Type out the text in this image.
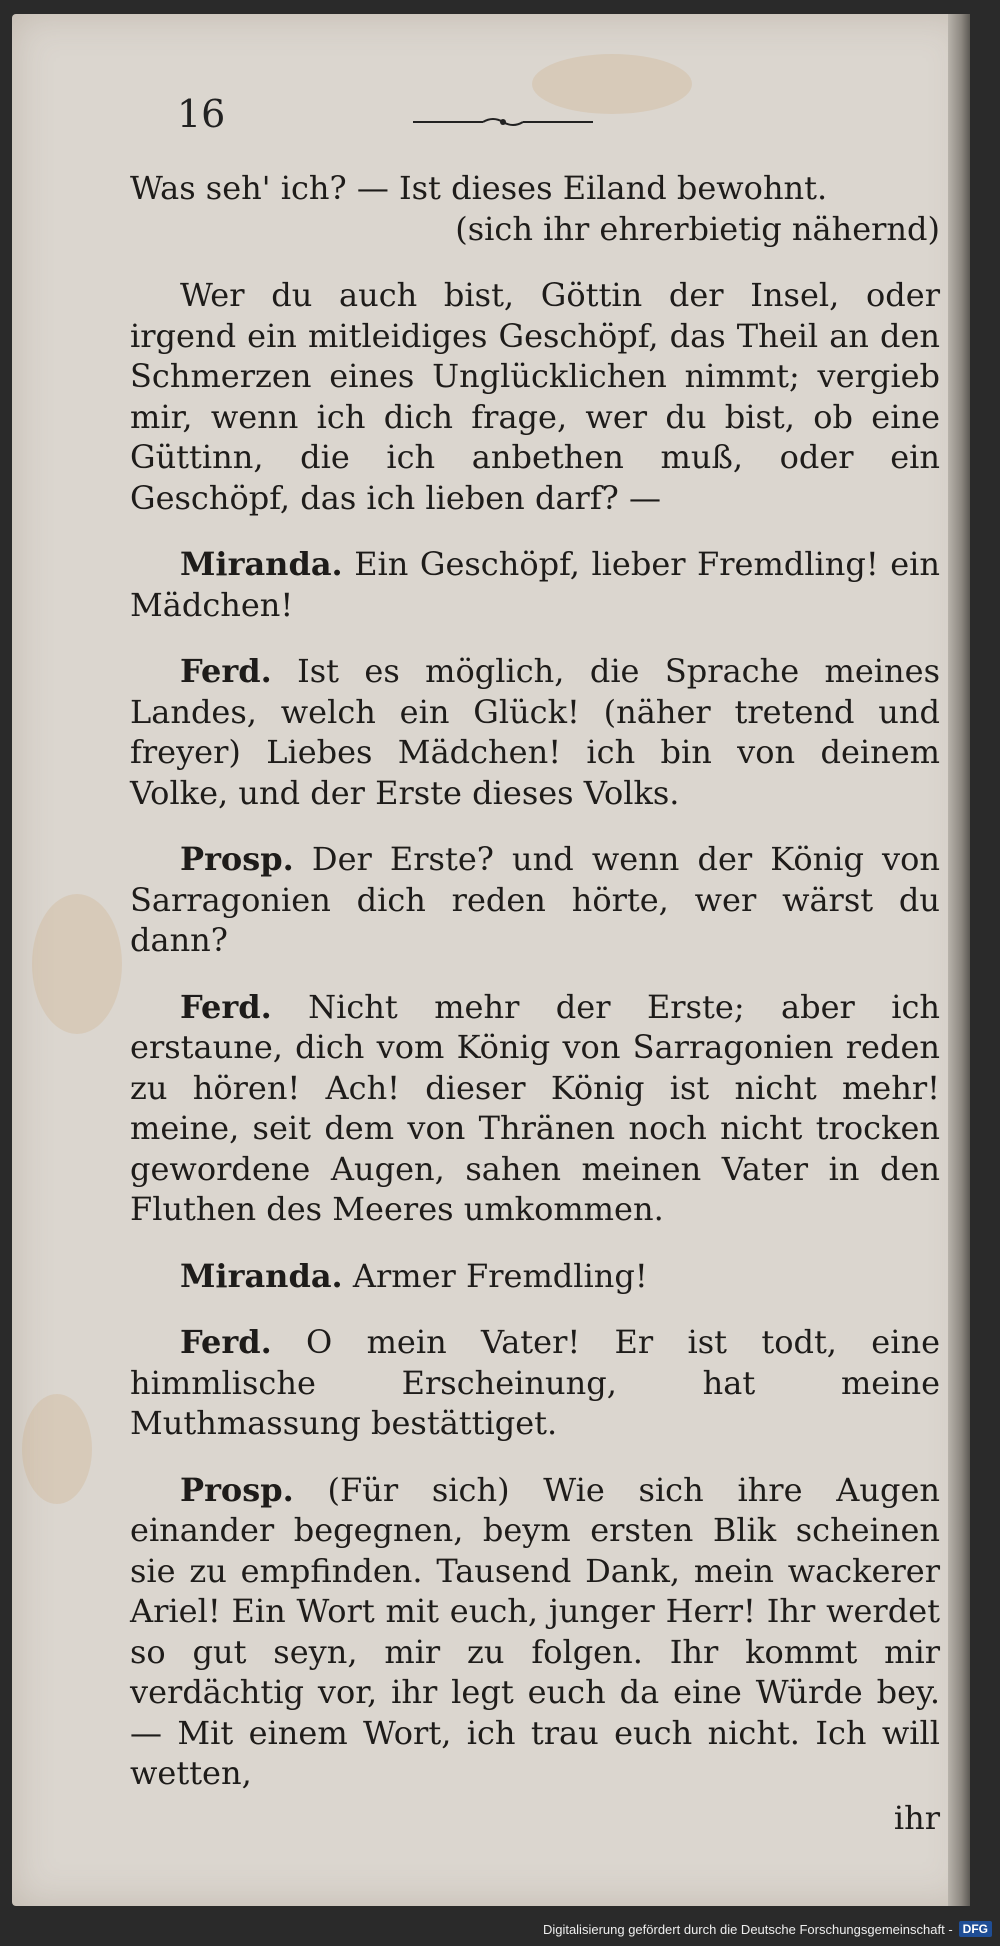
16

Was seh' ich? — Ist dieses Eiland bewohnt.

(sich ihr ehrerbietig nähernd)

Wer du auch bist, Göttin der Insel, oder irgend ein mitleidiges Geschöpf, das Theil an den Schmerzen eines Unglücklichen nimmt; vergieb mir, wenn ich dich frage, wer du bist, ob eine Güttinn, die ich anbethen muß, oder ein Geschöpf, das ich lieben darf? —

Miranda. Ein Geschöpf, lieber Fremdling! ein Mädchen!

Ferd. Ist es möglich, die Sprache meines Landes, welch ein Glück! (näher tretend und freyer) Liebes Mädchen! ich bin von deinem Volke, und der Erste dieses Volks.

Prosp. Der Erste? und wenn der König von Sarragonien dich reden hörte, wer wärst du dann?

Ferd. Nicht mehr der Erste; aber ich erstaune, dich vom König von Sarragonien reden zu hören! Ach! dieser König ist nicht mehr! meine, seit dem von Thränen noch nicht trocken gewordene Augen, sahen meinen Vater in den Fluthen des Meeres umkommen.

Miranda. Armer Fremdling!

Ferd. O mein Vater! Er ist todt, eine himmlische Erscheinung, hat meine Muthmassung bestättiget.

Prosp. (Für sich) Wie sich ihre Augen einander begegnen, beym ersten Blik scheinen sie zu empfinden. Tausend Dank, mein wackerer Ariel! Ein Wort mit euch, junger Herr! Ihr werdet so gut seyn, mir zu folgen. Ihr kommt mir verdächtig vor, ihr legt euch da eine Würde bey. — Mit einem Wort, ich trau euch nicht. Ich will wetten,

ihr
Digitalisierung gefördert durch die Deutsche Forschungsgemeinschaft - DFG
